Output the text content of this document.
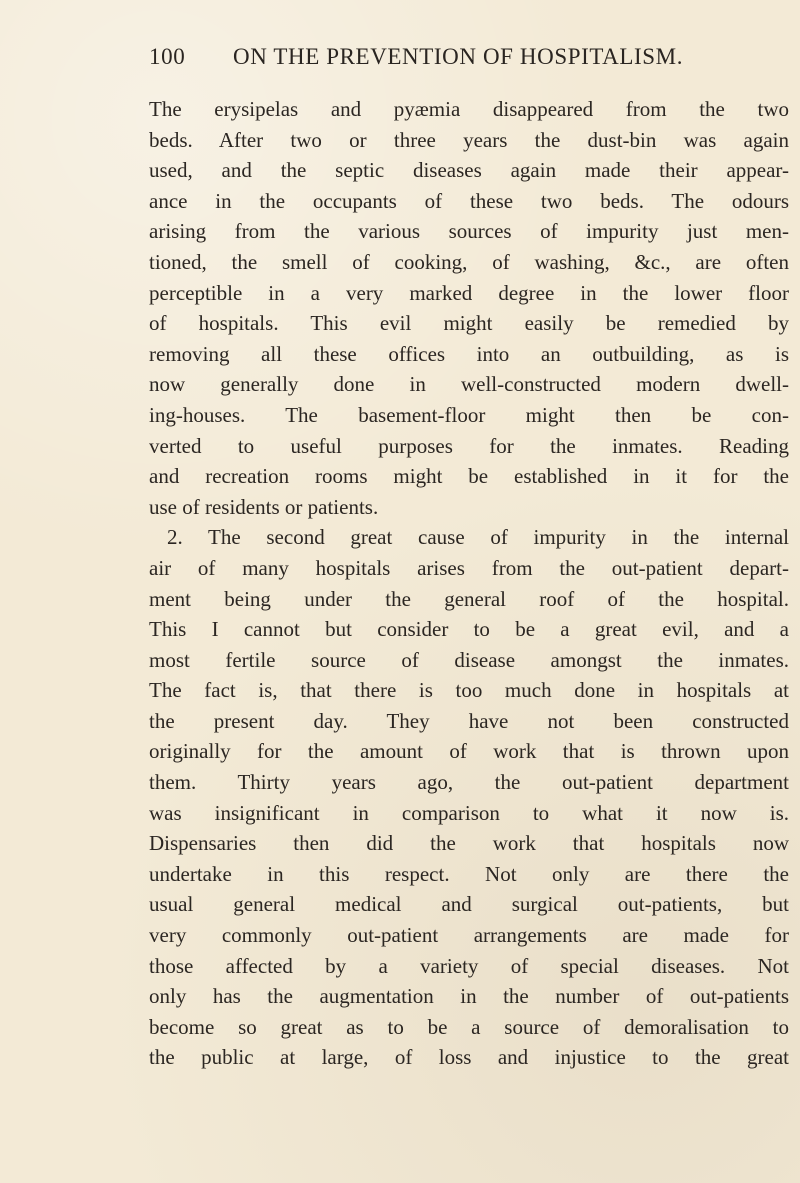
100 ON THE PREVENTION OF HOSPITALISM.
The erysipelas and pyæmia disappeared from the two
beds. After two or three years the dust-bin was again
used, and the septic diseases again made their appear-
ance in the occupants of these two beds. The odours
arising from the various sources of impurity just men-
tioned, the smell of cooking, of washing, &c., are often
perceptible in a very marked degree in the lower floor
of hospitals. This evil might easily be remedied by
removing all these offices into an outbuilding, as is
now generally done in well-constructed modern dwell-
ing-houses. The basement-floor might then be con-
verted to useful purposes for the inmates. Reading
and recreation rooms might be established in it for the
use of residents or patients.
2. The second great cause of impurity in the internal
air of many hospitals arises from the out-patient depart-
ment being under the general roof of the hospital.
This I cannot but consider to be a great evil, and a
most fertile source of disease amongst the inmates.
The fact is, that there is too much done in hospitals at
the present day. They have not been constructed
originally for the amount of work that is thrown upon
them. Thirty years ago, the out-patient department
was insignificant in comparison to what it now is.
Dispensaries then did the work that hospitals now
undertake in this respect. Not only are there the
usual general medical and surgical out-patients, but
very commonly out-patient arrangements are made for
those affected by a variety of special diseases. Not
only has the augmentation in the number of out-patients
become so great as to be a source of demoralisation to
the public at large, of loss and injustice to the great
